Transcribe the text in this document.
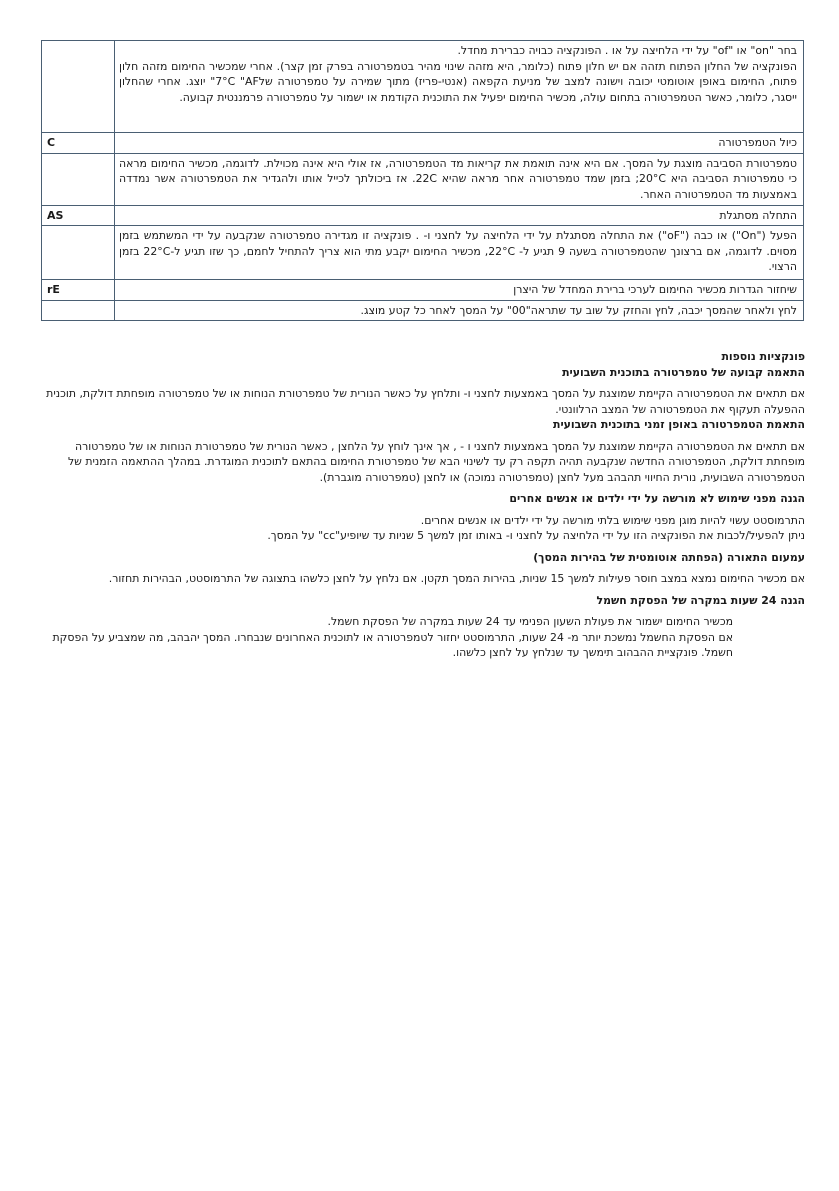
	בחר "on" או "of" על ידי הלחיצה על או . הפונקציה כבויה כברירת מחדל.

הפונקציה של החלון הפתוח תזהה אם יש חלון פתוח (כלומר, היא מזהה שינוי מהיר בטמפרטורה בפרק זמן קצר). אחרי שמכשיר החימום מזהה חלון פתוח, החימום באופן אוטומטי יכובה וישונה למצב של מניעת הקפאה (אנטי-פריז) מתוך שמירה על טמפרטורה של7°C "AF" יוצג. אחרי שהחלון ייסגר, כלומר, כאשר הטמפרטורה בתחום עולה, מכשיר החימום יפעיל את התוכנית הקודמת או ישמור על טמפרטורה פרמננטית קבועה.

C	כיול הטמפרטורה

	טמפרטורת הסביבה מוצגת על המסך. אם היא אינה תואמת את קריאות מד הטמפרטורה, אז אולי היא אינה מכוילת. לדוגמה, מכשיר החימום מראה כי טמפרטורת הסביבה היא 20°C; בזמן שמד טמפרטורה אחר מראה שהיא 22C. אז ביכולתך לכייל אותו ולהגדיר את הטמפרטורה אשר נמדדה באמצעות מד הטמפרטורה האחר.

AS	התחלה מסתגלת

	הפעל ("On") או כבה ("oF") את התחלה מסתגלת על ידי הלחיצה על לחצני ו- . פונקציה זו מגדירה טמפרטורה שנקבעה על ידי המשתמש בזמן מסוים. לדוגמה, אם ברצונך שהטמפרטורה בשעה 9 תגיע ל- 22°C, מכשיר החימום יקבע מתי הוא צריך להתחיל לחמם, כך שזו תגיע ל-22°C בזמן הרצוי.

rE	שיחזור הגדרות מכשיר החימום לערכי ברירת המחדל של היצרן

	לחץ ולאחר שהמסך יכבה, לחץ והחזק על שוב עד שתראה"00" על המסך לאחר כל קטע מוצג.

פונקציות נוספות

התאמה קבועה של טמפרטורה בתוכנית השבועית

אם תתאים את הטמפרטורה הקיימת שמוצגת על המסך באמצעות לחצני ו- ותלחץ על כאשר הנורית של טמפרטורת הנוחות או של טמפרטורה מופחתת דולקת, תוכנית ההפעלה תעקוף את הטמפרטורה של המצב הרלוונטי.

התאמת הטמפרטורה באופן זמני בתוכנית השבועית

אם תתאים את הטמפרטורה הקיימת שמוצגת על המסך באמצעות לחצני ו - , אך אינך לוחץ על הלחצן , כאשר הנורית של טמפרטורת הנוחות או של טמפרטורה מופחתת דולקת, הטמפרטורה החדשה שנקבעה תהיה תקפה רק עד לשינוי הבא של טמפרטורת החימום בהתאם לתוכנית המוגדרת. במהלך ההתאמה הזמנית של הטמפרטורה השבועית, נורית החיווי תהבהב מעל לחצן (טמפרטורה נמוכה) או לחצן (טמפרטורה מוגברת).

הגנה מפני שימוש לא מורשה על ידי ילדים או אנשים אחרים

התרמוסטט עשוי להיות מוגן מפני שימוש בלתי מורשה על ידי ילדים או אנשים אחרים.

ניתן להפעיל/לכבות את הפונקציה הזו על ידי הלחיצה על לחצני ו- באותו זמן למשך 5 שניות עד שיופיע"cc" על המסך.

עמעום התאורה (הפחתה אוטומטית של בהירות המסך)

אם מכשיר החימום נמצא במצב חוסר פעילות למשך 15 שניות, בהירות המסך תקטן. אם נלחץ על לחצן כלשהו בתצוגה של התרמוסטט, הבהירות תחזור.

הגנה 24 שעות במקרה של הפסקת חשמל

מכשיר החימום ישמור את פעולת השעון הפנימי עד 24 שעות במקרה של הפסקת חשמל.

אם הפסקת החשמל נמשכת יותר מ- 24 שעות, התרמוסטט יחזור לטמפרטורה או לתוכנית האחרונים שנבחרו. המסך יהבהב, מה שמצביע על הפסקת חשמל. פונקציית ההבהוב תימשך עד שנלחץ על לחצן כלשהו.
